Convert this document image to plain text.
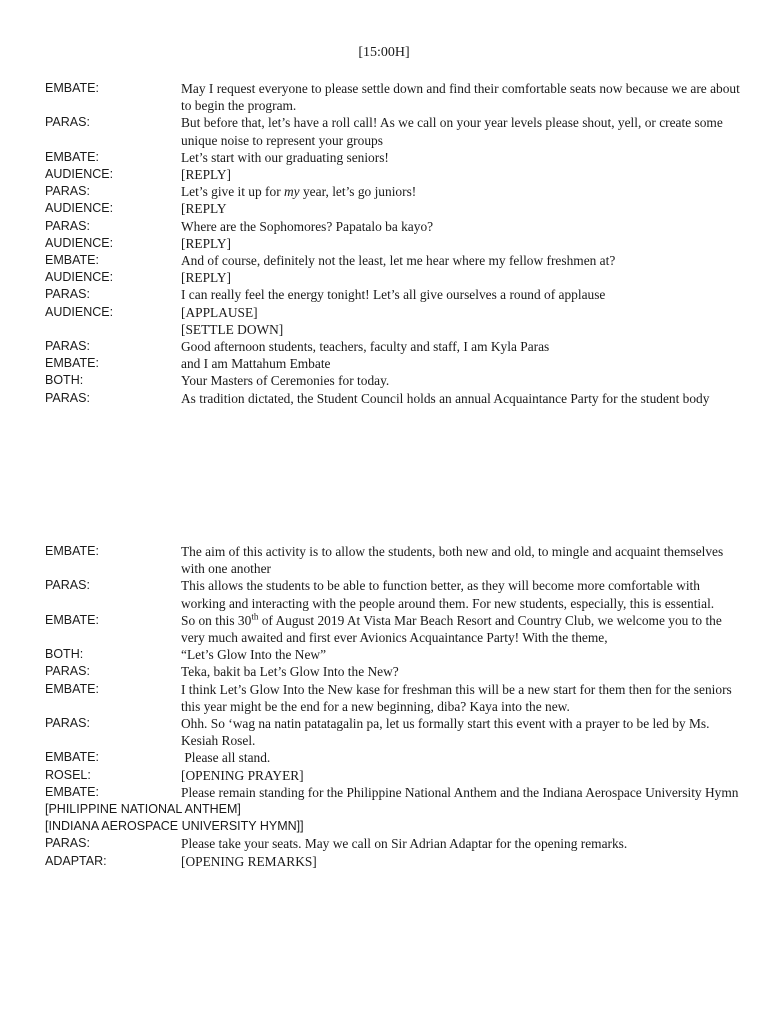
[15:00H]
EMBATE:	May I request everyone to please settle down and find their comfortable seats now because we are about to begin the program.
PARAS:	But before that, let’s have a roll call! As we call on your year levels please shout, yell, or create some unique noise to represent your groups
EMBATE:	Let’s start with our graduating seniors!
AUDIENCE:	[REPLY]
PARAS:	Let’s give it up for my year, let’s go juniors!
AUDIENCE:	[REPLY
PARAS:	Where are the Sophomores? Papatalo ba kayo?
AUDIENCE:	[REPLY]
EMBATE:	And of course, definitely not the least, let me hear where my fellow freshmen at?
AUDIENCE:	[REPLY]
PARAS:	I can really feel the energy tonight! Let’s all give ourselves a round of applause
AUDIENCE:	[APPLAUSE]
[SETTLE DOWN]
PARAS:	Good afternoon students, teachers, faculty and staff, I am Kyla Paras
EMBATE:	and I am Mattahum Embate
BOTH:	Your Masters of Ceremonies for today.
PARAS:	As tradition dictated, the Student Council holds an annual Acquaintance Party for the student body
EMBATE:	The aim of this activity is to allow the students, both new and old, to mingle and acquaint themselves with one another
PARAS:	This allows the students to be able to function better, as they will become more comfortable with working and interacting with the people around them. For new students, especially, this is essential.
EMBATE:	So on this 30th of August 2019 At Vista Mar Beach Resort and Country Club, we welcome you to the very much awaited and first ever Avionics Acquaintance Party! With the theme,
BOTH:	“Let’s Glow Into the New”
PARAS:	Teka, bakit ba Let’s Glow Into the New?
EMBATE:	I think Let’s Glow Into the New kase for freshman this will be a new start for them then for the seniors this year might be the end for a new beginning, diba? Kaya into the new.
PARAS:	Ohh. So ‘wag na natin patatagalin pa, let us formally start this event with a prayer to be led by Ms. Kesiah Rosel.
EMBATE:	Please all stand.
ROSEL:	[OPENING PRAYER]
EMBATE:	Please remain standing for the Philippine National Anthem and the Indiana Aerospace University Hymn
[PHILIPPINE NATIONAL ANTHEM]
[INDIANA AEROSPACE UNIVERSITY HYMN]]
PARAS:	Please take your seats. May we call on Sir Adrian Adaptar for the opening remarks.
ADAPTAR:	[OPENING REMARKS]
